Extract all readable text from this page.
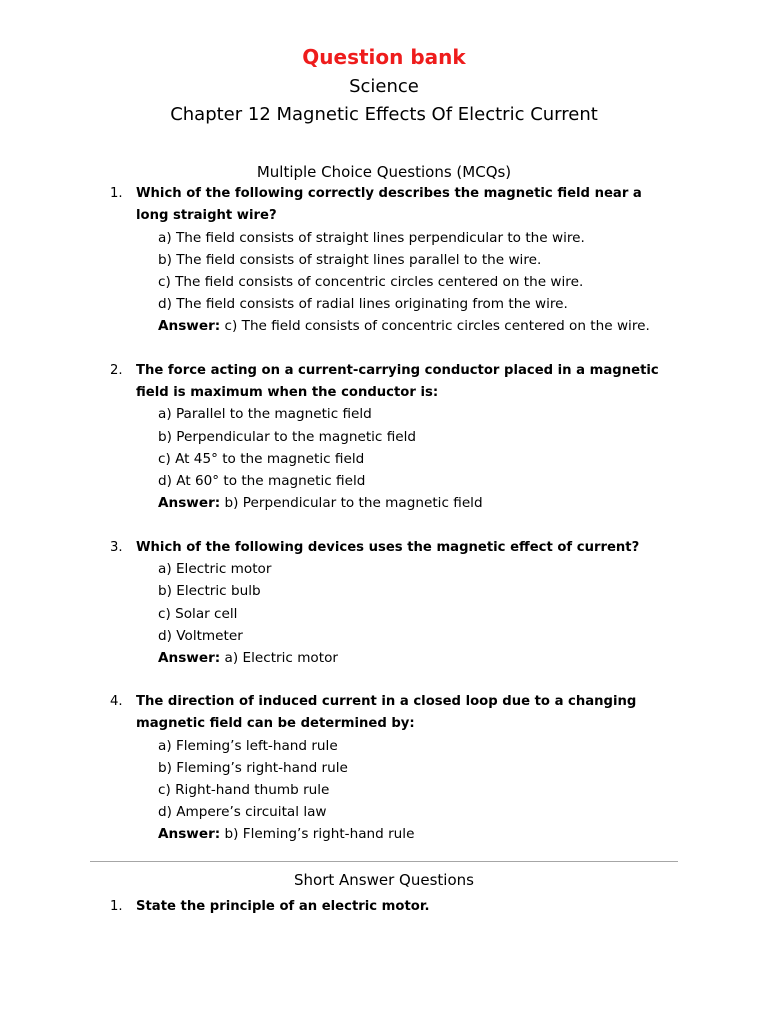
Question bank
Science
Chapter 12 Magnetic Effects Of Electric Current
Multiple Choice Questions (MCQs)
1.	Which of the following correctly describes the magnetic field near a long straight wire?
a) The field consists of straight lines perpendicular to the wire.
b) The field consists of straight lines parallel to the wire.
c) The field consists of concentric circles centered on the wire.
d) The field consists of radial lines originating from the wire.
Answer: c) The field consists of concentric circles centered on the wire.
2.	The force acting on a current-carrying conductor placed in a magnetic field is maximum when the conductor is:
a) Parallel to the magnetic field
b) Perpendicular to the magnetic field
c) At 45° to the magnetic field
d) At 60° to the magnetic field
Answer: b) Perpendicular to the magnetic field
3.	Which of the following devices uses the magnetic effect of current?
a) Electric motor
b) Electric bulb
c) Solar cell
d) Voltmeter
Answer: a) Electric motor
4.	The direction of induced current in a closed loop due to a changing magnetic field can be determined by:
a) Fleming’s left-hand rule
b) Fleming’s right-hand rule
c) Right-hand thumb rule
d) Ampere’s circuital law
Answer: b) Fleming’s right-hand rule
Short Answer Questions
1.	State the principle of an electric motor.
